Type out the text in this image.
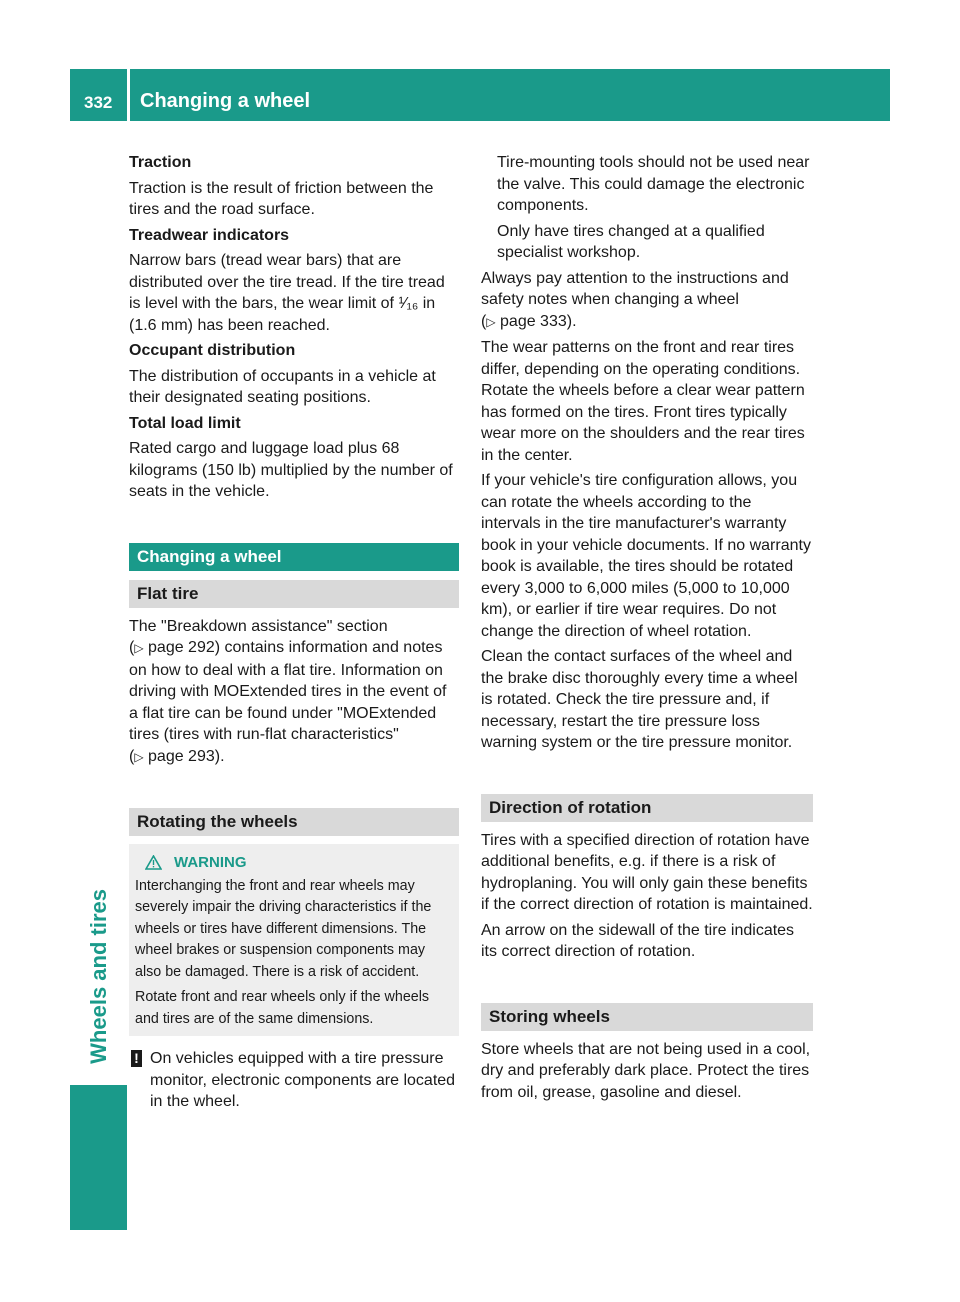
332	Changing a wheel
Wheels and tires
Traction

Traction is the result of friction between the tires and the road surface.

Treadwear indicators

Narrow bars (tread wear bars) that are distributed over the tire tread. If the tire tread is level with the bars, the wear limit of ¹⁄₁₆ in (1.6 mm) has been reached.

Occupant distribution

The distribution of occupants in a vehicle at their designated seating positions.

Total load limit

Rated cargo and luggage load plus 68 kilograms (150 lb) multiplied by the number of seats in the vehicle.

Changing a wheel
Flat tire

The "Breakdown assistance" section
(▷ page 292) contains information and notes on how to deal with a flat tire. Information on driving with MOExtended tires in the event of a flat tire can be found under "MOExtended tires (tires with run-flat characteristics"
(▷ page 293).

Rotating the wheels
WARNING

Interchanging the front and rear wheels may severely impair the driving characteristics if the wheels or tires have different dimensions. The wheel brakes or suspension components may also be damaged. There is a risk of accident.

Rotate front and rear wheels only if the wheels and tires are of the same dimensions.

! On vehicles equipped with a tire pressure monitor, electronic components are located in the wheel.

Tire-mounting tools should not be used near the valve. This could damage the electronic components.

Only have tires changed at a qualified specialist workshop.

Always pay attention to the instructions and safety notes when changing a wheel
(▷ page 333).

The wear patterns on the front and rear tires differ, depending on the operating conditions. Rotate the wheels before a clear wear pattern has formed on the tires. Front tires typically wear more on the shoulders and the rear tires in the center.

If your vehicle's tire configuration allows, you can rotate the wheels according to the intervals in the tire manufacturer's warranty book in your vehicle documents. If no warranty book is available, the tires should be rotated every 3,000 to 6,000 miles (5,000 to 10,000 km), or earlier if tire wear requires. Do not change the direction of wheel rotation.

Clean the contact surfaces of the wheel and the brake disc thoroughly every time a wheel is rotated. Check the tire pressure and, if necessary, restart the tire pressure loss warning system or the tire pressure monitor.

Direction of rotation

Tires with a specified direction of rotation have additional benefits, e.g. if there is a risk of hydroplaning. You will only gain these benefits if the correct direction of rotation is maintained.

An arrow on the sidewall of the tire indicates its correct direction of rotation.

Storing wheels

Store wheels that are not being used in a cool, dry and preferably dark place. Protect the tires from oil, grease, gasoline and diesel.
